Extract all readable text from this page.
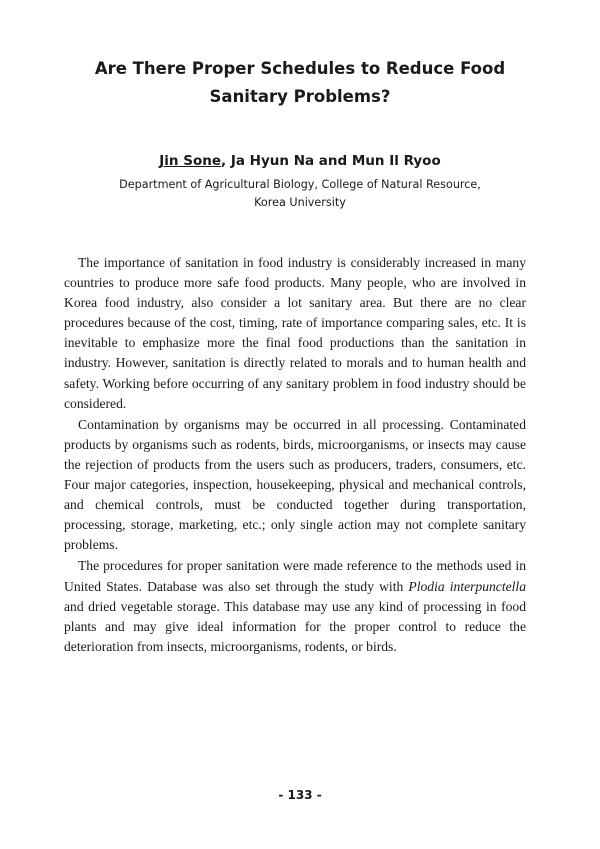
Are There Proper Schedules to Reduce Food
Sanitary Problems?
Jin Sone, Ja Hyun Na and Mun Il Ryoo
Department of Agricultural Biology, College of Natural Resource,
Korea University

The importance of sanitation in food industry is considerably increased in many countries to produce more safe food products. Many people, who are involved in Korea food industry, also consider a lot sanitary area. But there are no clear procedures because of the cost, timing, rate of importance comparing sales, etc. It is inevitable to emphasize more the final food productions than the sanitation in industry. However, sanitation is directly related to morals and to human health and safety. Working before occurring of any sanitary problem in food industry should be considered.

Contamination by organisms may be occurred in all processing. Contaminated products by organisms such as rodents, birds, microorganisms, or insects may cause the rejection of products from the users such as producers, traders, consumers, etc. Four major categories, inspection, housekeeping, physical and mechanical controls, and chemical controls, must be conducted together during transportation, processing, storage, marketing, etc.; only single action may not complete sanitary problems.

The procedures for proper sanitation were made reference to the methods used in United States. Database was also set through the study with Plodia interpunctella and dried vegetable storage. This database may use any kind of processing in food plants and may give ideal information for the proper control to reduce the deterioration from insects, microorganisms, rodents, or birds.

- 133 -
